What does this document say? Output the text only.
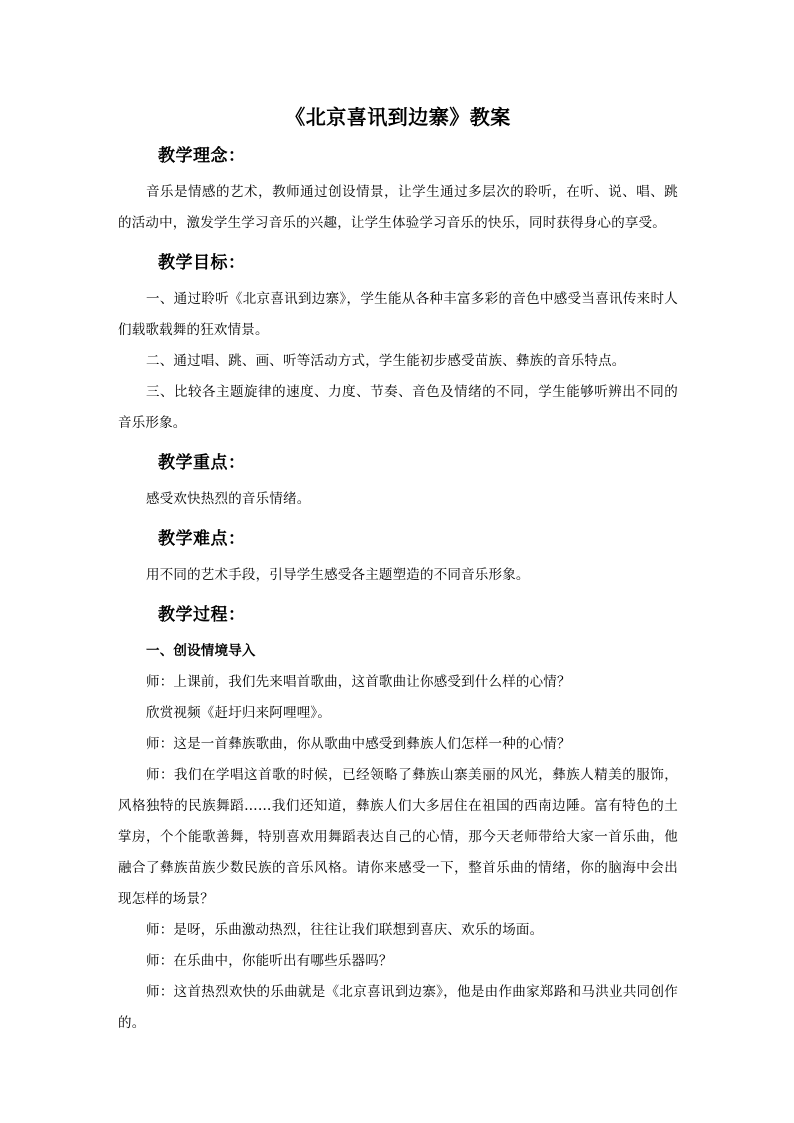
《北京喜讯到边寨》教案
教学理念：

音乐是情感的艺术，教师通过创设情景，让学生通过多层次的聆听，在听、说、唱、跳的活动中，激发学生学习音乐的兴趣，让学生体验学习音乐的快乐，同时获得身心的享受。

教学目标：

一、通过聆听《北京喜讯到边寨》，学生能从各种丰富多彩的音色中感受当喜讯传来时人们载歌载舞的狂欢情景。

二、通过唱、跳、画、听等活动方式，学生能初步感受苗族、彝族的音乐特点。

三、比较各主题旋律的速度、力度、节奏、音色及情绪的不同，学生能够听辨出不同的音乐形象。

教学重点：

感受欢快热烈的音乐情绪。

教学难点：

用不同的艺术手段，引导学生感受各主题塑造的不同音乐形象。

教学过程：

一、创设情境导入

师：上课前，我们先来唱首歌曲，这首歌曲让你感受到什么样的心情？

欣赏视频《赶圩归来阿哩哩》。

师：这是一首彝族歌曲，你从歌曲中感受到彝族人们怎样一种的心情？

师：我们在学唱这首歌的时候，已经领略了彝族山寨美丽的风光，彝族人精美的服饰，风格独特的民族舞蹈……我们还知道，彝族人们大多居住在祖国的西南边陲。富有特色的土掌房，个个能歌善舞，特别喜欢用舞蹈表达自己的心情，那今天老师带给大家一首乐曲，他融合了彝族苗族少数民族的音乐风格。请你来感受一下，整首乐曲的情绪，你的脑海中会出现怎样的场景？

师：是呀，乐曲激动热烈，往往让我们联想到喜庆、欢乐的场面。

师：在乐曲中，你能听出有哪些乐器吗？

师：这首热烈欢快的乐曲就是《北京喜讯到边寨》，他是由作曲家郑路和马洪业共同创作的。
